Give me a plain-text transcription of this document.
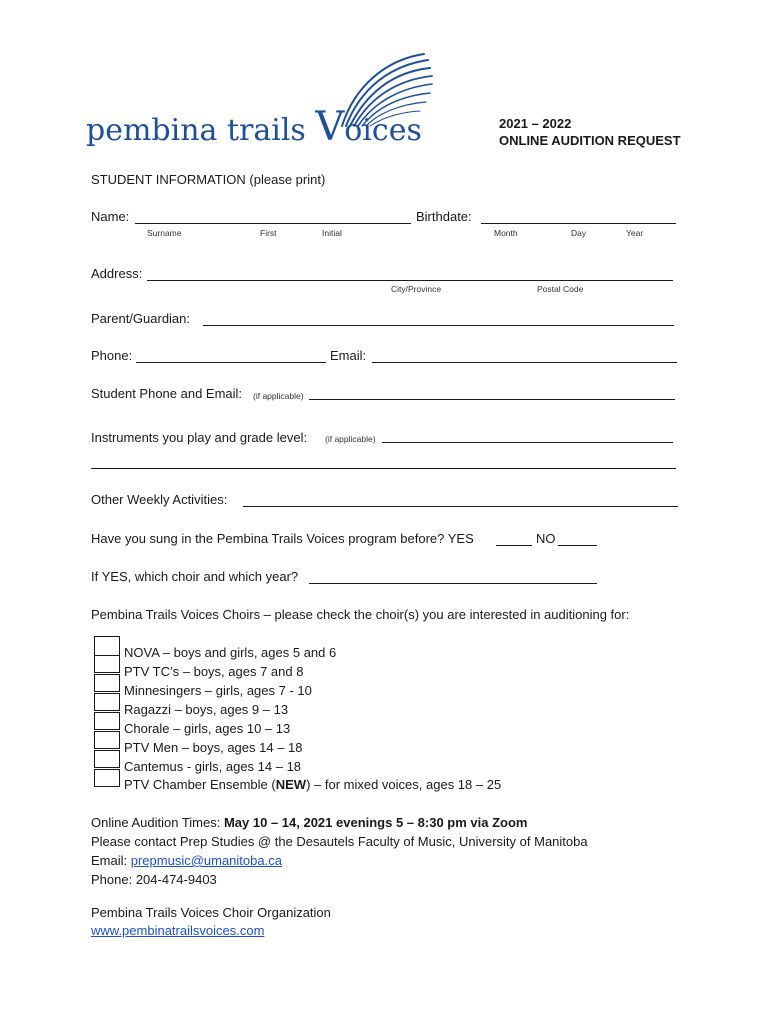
pembina trails Voices	2021 – 2022
ONLINE AUDITION REQUEST
STUDENT INFORMATION (please print)
Name:
Surname	First	Initial
Birthdate:
Month	Day	Year
Address:
City/Province	Postal Code
Parent/Guardian:
Phone:	Email:
Student Phone and Email: (if applicable)
Instruments you play and grade level: (if applicable)
Other Weekly Activities:
Have you sung in the Pembina Trails Voices program before? YES	NO
If YES, which choir and which year?
Pembina Trails Voices Choirs – please check the choir(s) you are interested in auditioning for:
NOVA – boys and girls, ages 5 and 6
PTV TC’s – boys, ages 7 and 8
Minnesingers – girls, ages 7 - 10
Ragazzi – boys, ages 9 – 13
Chorale – girls, ages 10 – 13
PTV Men – boys, ages 14 – 18
Cantemus - girls, ages 14 – 18
PTV Chamber Ensemble (NEW) – for mixed voices, ages 18 – 25
Online Audition Times: May 10 – 14, 2021 evenings 5 – 8:30 pm via Zoom
Please contact Prep Studies @ the Desautels Faculty of Music, University of Manitoba
Email: prepmusic@umanitoba.ca
Phone: 204-474-9403
Pembina Trails Voices Choir Organization
www.pembinatrailsvoices.com
